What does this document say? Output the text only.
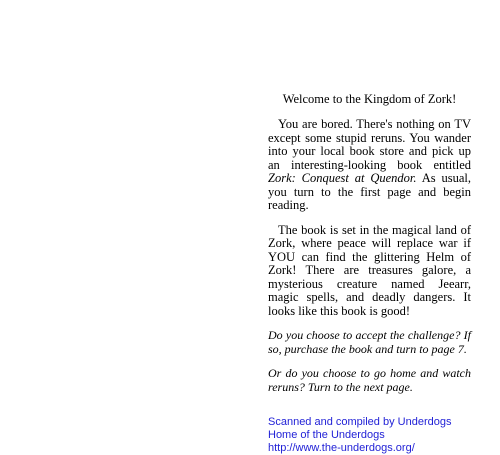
Welcome to the Kingdom of Zork!

You are bored. There's nothing on TV except some stupid reruns. You wander into your local book store and pick up an interesting-looking book entitled Zork: Conquest at Quendor. As usual, you turn to the first page and begin reading.

The book is set in the magical land of Zork, where peace will replace war if YOU can find the glittering Helm of Zork! There are treasures galore, a mysterious creature named Jeearr, magic spells, and deadly dangers. It looks like this book is good!

Do you choose to accept the challenge? If so, purchase the book and turn to page 7.

Or do you choose to go home and watch reruns? Turn to the next page.

Scanned and compiled by Underdogs
Home of the Underdogs
http://www.the-underdogs.org/
